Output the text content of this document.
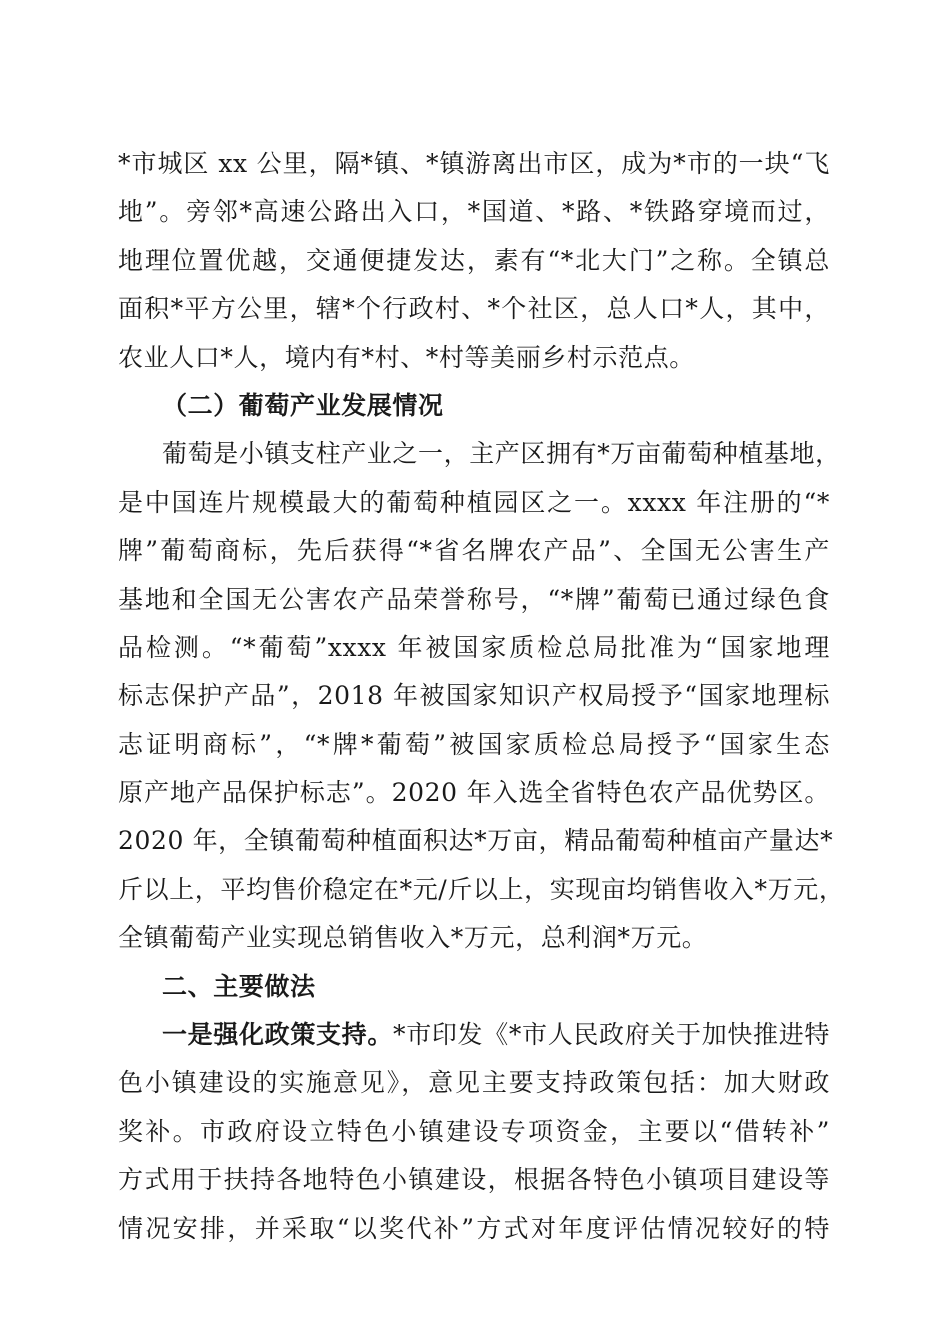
*市城区 xx 公里，隔*镇、*镇游离出市区，成为*市的一块“飞
地”。旁邻*高速公路出入口，*国道、*路、*铁路穿境而过，
地理位置优越，交通便捷发达，素有“*北大门”之称。全镇总
面积*平方公里，辖*个行政村、*个社区，总人口*人，其中，
农业人口*人，境内有*村、*村等美丽乡村示范点。
（二）葡萄产业发展情况
葡萄是小镇支柱产业之一，主产区拥有*万亩葡萄种植基地，
是中国连片规模最大的葡萄种植园区之一。xxxx 年注册的“*
牌”葡萄商标，先后获得“*省名牌农产品”、全国无公害生产
基地和全国无公害农产品荣誉称号，“*牌”葡萄已通过绿色食
品检测。“*葡萄”xxxx 年被国家质检总局批准为“国家地理
标志保护产品”，2018 年被国家知识产权局授予“国家地理标
志证明商标”，“*牌*葡萄”被国家质检总局授予“国家生态
原产地产品保护标志”。2020 年入选全省特色农产品优势区。
2020 年，全镇葡萄种植面积达*万亩，精品葡萄种植亩产量达*
斤以上，平均售价稳定在*元/斤以上，实现亩均销售收入*万元，
全镇葡萄产业实现总销售收入*万元，总利润*万元。
二、主要做法
一是强化政策支持。*市印发《*市人民政府关于加快推进特
色小镇建设的实施意见》，意见主要支持政策包括：加大财政
奖补。市政府设立特色小镇建设专项资金，主要以“借转补”
方式用于扶持各地特色小镇建设，根据各特色小镇项目建设等
情况安排，并采取“以奖代补”方式对年度评估情况较好的特
